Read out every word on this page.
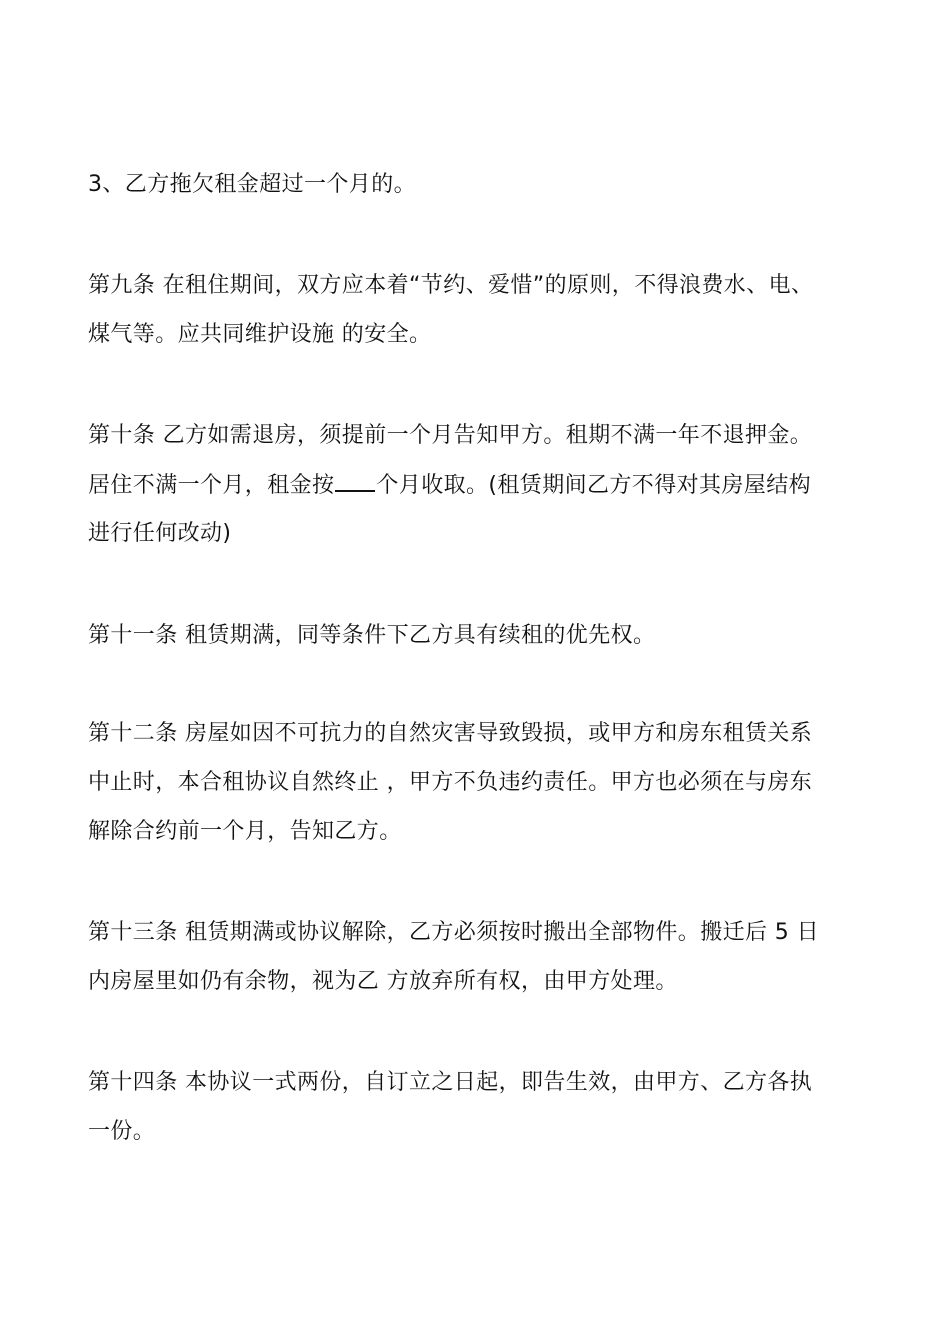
3、乙方拖欠租金超过一个月的。
第九条 在租住期间，双方应本着“节约、爱惜”的原则，不得浪费水、电、
煤气等。应共同维护设施 的安全。
第十条 乙方如需退房，须提前一个月告知甲方。租期不满一年不退押金。
居住不满一个月，租金按 个月收取。(租赁期间乙方不得对其房屋结构
进行任何改动)
第十一条 租赁期满，同等条件下乙方具有续租的优先权。
第十二条 房屋如因不可抗力的自然灾害导致毁损，或甲方和房东租赁关系
中止时，本合租协议自然终止 ，甲方不负违约责任。甲方也必须在与房东
解除合约前一个月，告知乙方。
第十三条 租赁期满或协议解除，乙方必须按时搬出全部物件。搬迁后 5 日
内房屋里如仍有余物，视为乙 方放弃所有权，由甲方处理。
第十四条 本协议一式两份，自订立之日起，即告生效，由甲方、乙方各执
一份。
